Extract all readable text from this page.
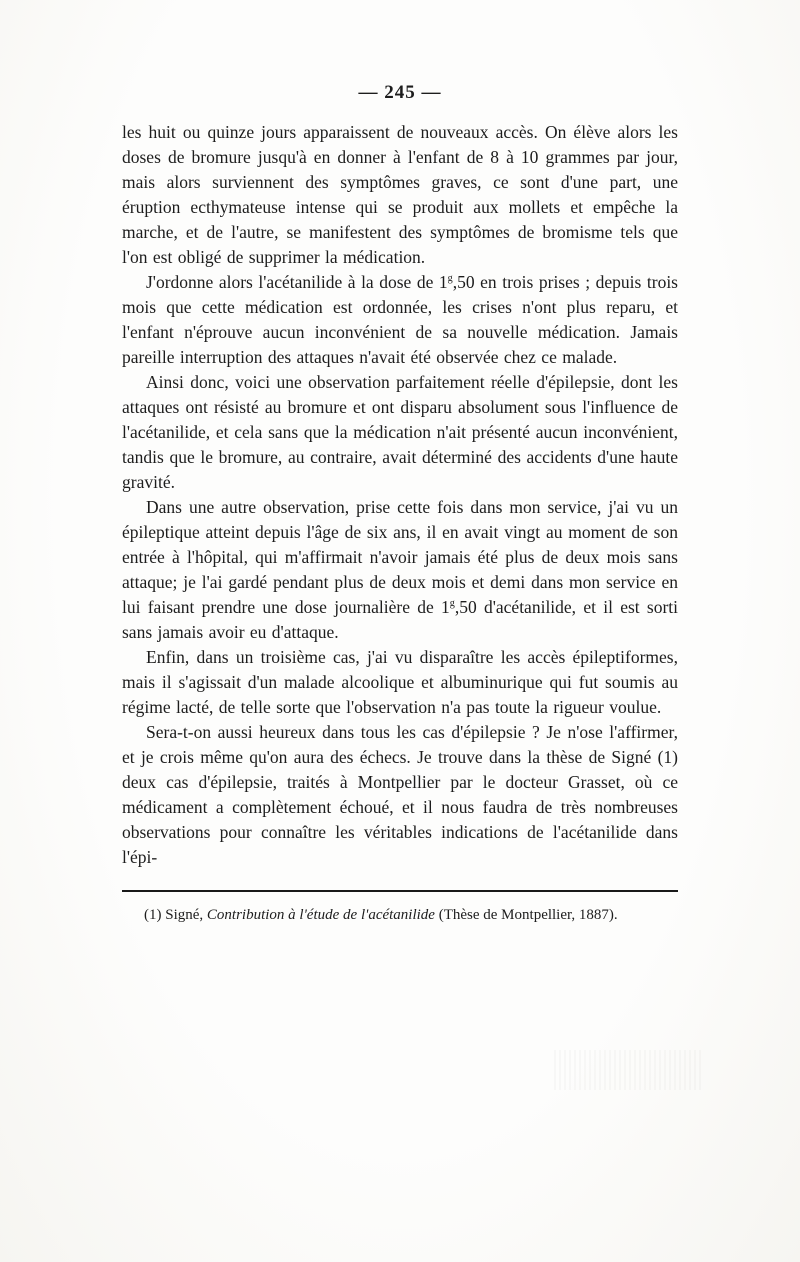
— 245 —

les huit ou quinze jours apparaissent de nouveaux accès. On élève alors les doses de bromure jusqu'à en donner à l'enfant de 8 à 10 grammes par jour, mais alors surviennent des symptômes graves, ce sont d'une part, une éruption ecthymateuse intense qui se produit aux mollets et empêche la marche, et de l'autre, se manifestent des symptômes de bromisme tels que l'on est obligé de supprimer la médication.

J'ordonne alors l'acétanilide à la dose de 1$^g$,50 en trois prises ; depuis trois mois que cette médication est ordonnée, les crises n'ont plus reparu, et l'enfant n'éprouve aucun inconvénient de sa nouvelle médication. Jamais pareille interruption des attaques n'avait été observée chez ce malade.

Ainsi donc, voici une observation parfaitement réelle d'épilepsie, dont les attaques ont résisté au bromure et ont disparu absolument sous l'influence de l'acétanilide, et cela sans que la médication n'ait présenté aucun inconvénient, tandis que le bromure, au contraire, avait déterminé des accidents d'une haute gravité.

Dans une autre observation, prise cette fois dans mon service, j'ai vu un épileptique atteint depuis l'âge de six ans, il en avait vingt au moment de son entrée à l'hôpital, qui m'affirmait n'avoir jamais été plus de deux mois sans attaque; je l'ai gardé pendant plus de deux mois et demi dans mon service en lui faisant prendre une dose journalière de 1$^g$,50 d'acétanilide, et il est sorti sans jamais avoir eu d'attaque.

Enfin, dans un troisième cas, j'ai vu disparaître les accès épileptiformes, mais il s'agissait d'un malade alcoolique et albuminurique qui fut soumis au régime lacté, de telle sorte que l'observation n'a pas toute la rigueur voulue.

Sera-t-on aussi heureux dans tous les cas d'épilepsie ? Je n'ose l'affirmer, et je crois même qu'on aura des échecs. Je trouve dans la thèse de Signé (1) deux cas d'épilepsie, traités à Montpellier par le docteur Grasset, où ce médicament a complètement échoué, et il nous faudra de très nombreuses observations pour connaître les véritables indications de l'acétanilide dans l'épi-

(1) Signé, Contribution à l'étude de l'acétanilide (Thèse de Montpellier, 1887).
